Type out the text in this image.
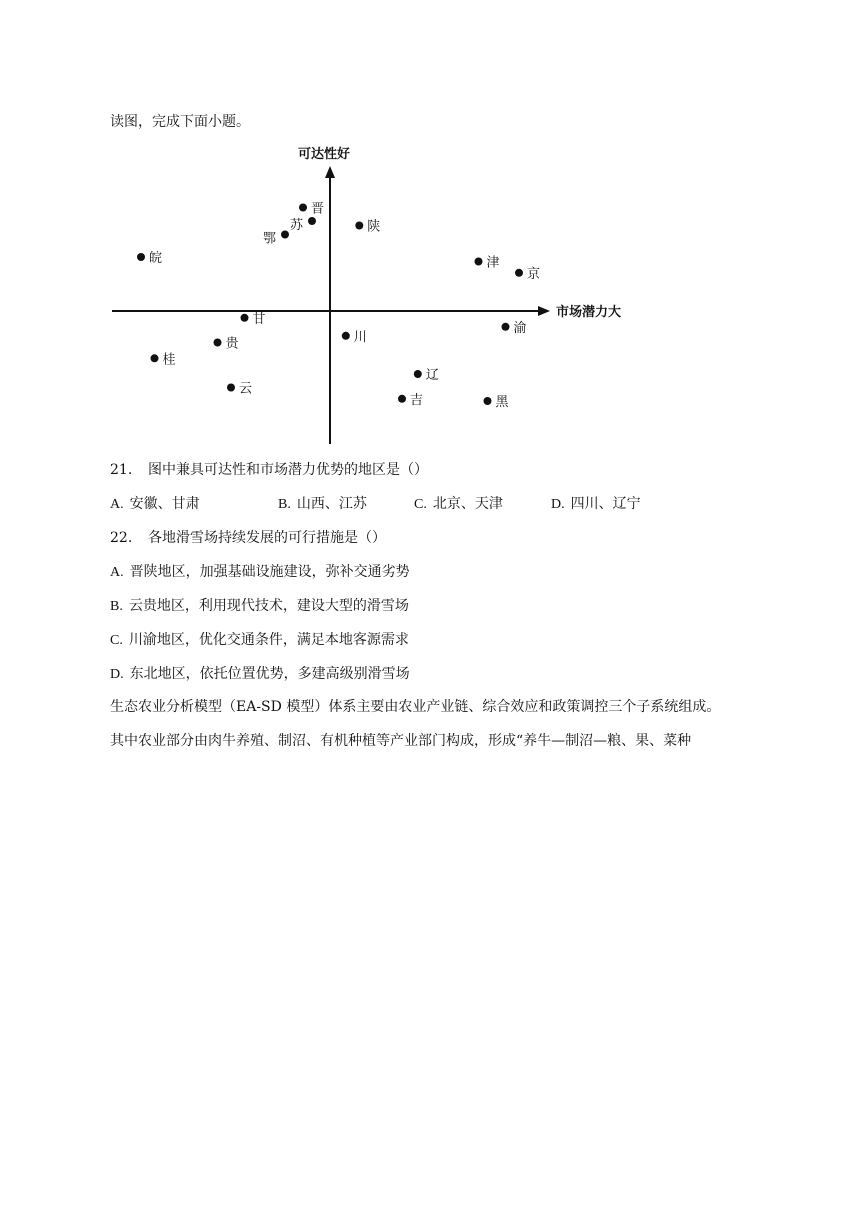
读图，完成下面小题。
可达性好
市场潜力大
晋
苏
鄂
陕
皖	津
京
甘
渝
川
贵
桂
辽
云
吉	黑
21. 图中兼具可达性和市场潜力优势的地区是（）
A. 安徽、甘肃	B. 山西、江苏	C. 北京、天津	D. 四川、辽宁
22. 各地滑雪场持续发展的可行措施是（）
A. 晋陕地区，加强基础设施建设，弥补交通劣势
B. 云贵地区，利用现代技术，建设大型的滑雪场
C. 川渝地区，优化交通条件，满足本地客源需求
D. 东北地区，依托位置优势，多建高级别滑雪场
生态农业分析模型（EA-SD 模型）体系主要由农业产业链、综合效应和政策调控三个子系统组成。
其中农业部分由肉牛养殖、制沼、有机种植等产业部门构成，形成“养牛—制沼—粮、果、菜种
